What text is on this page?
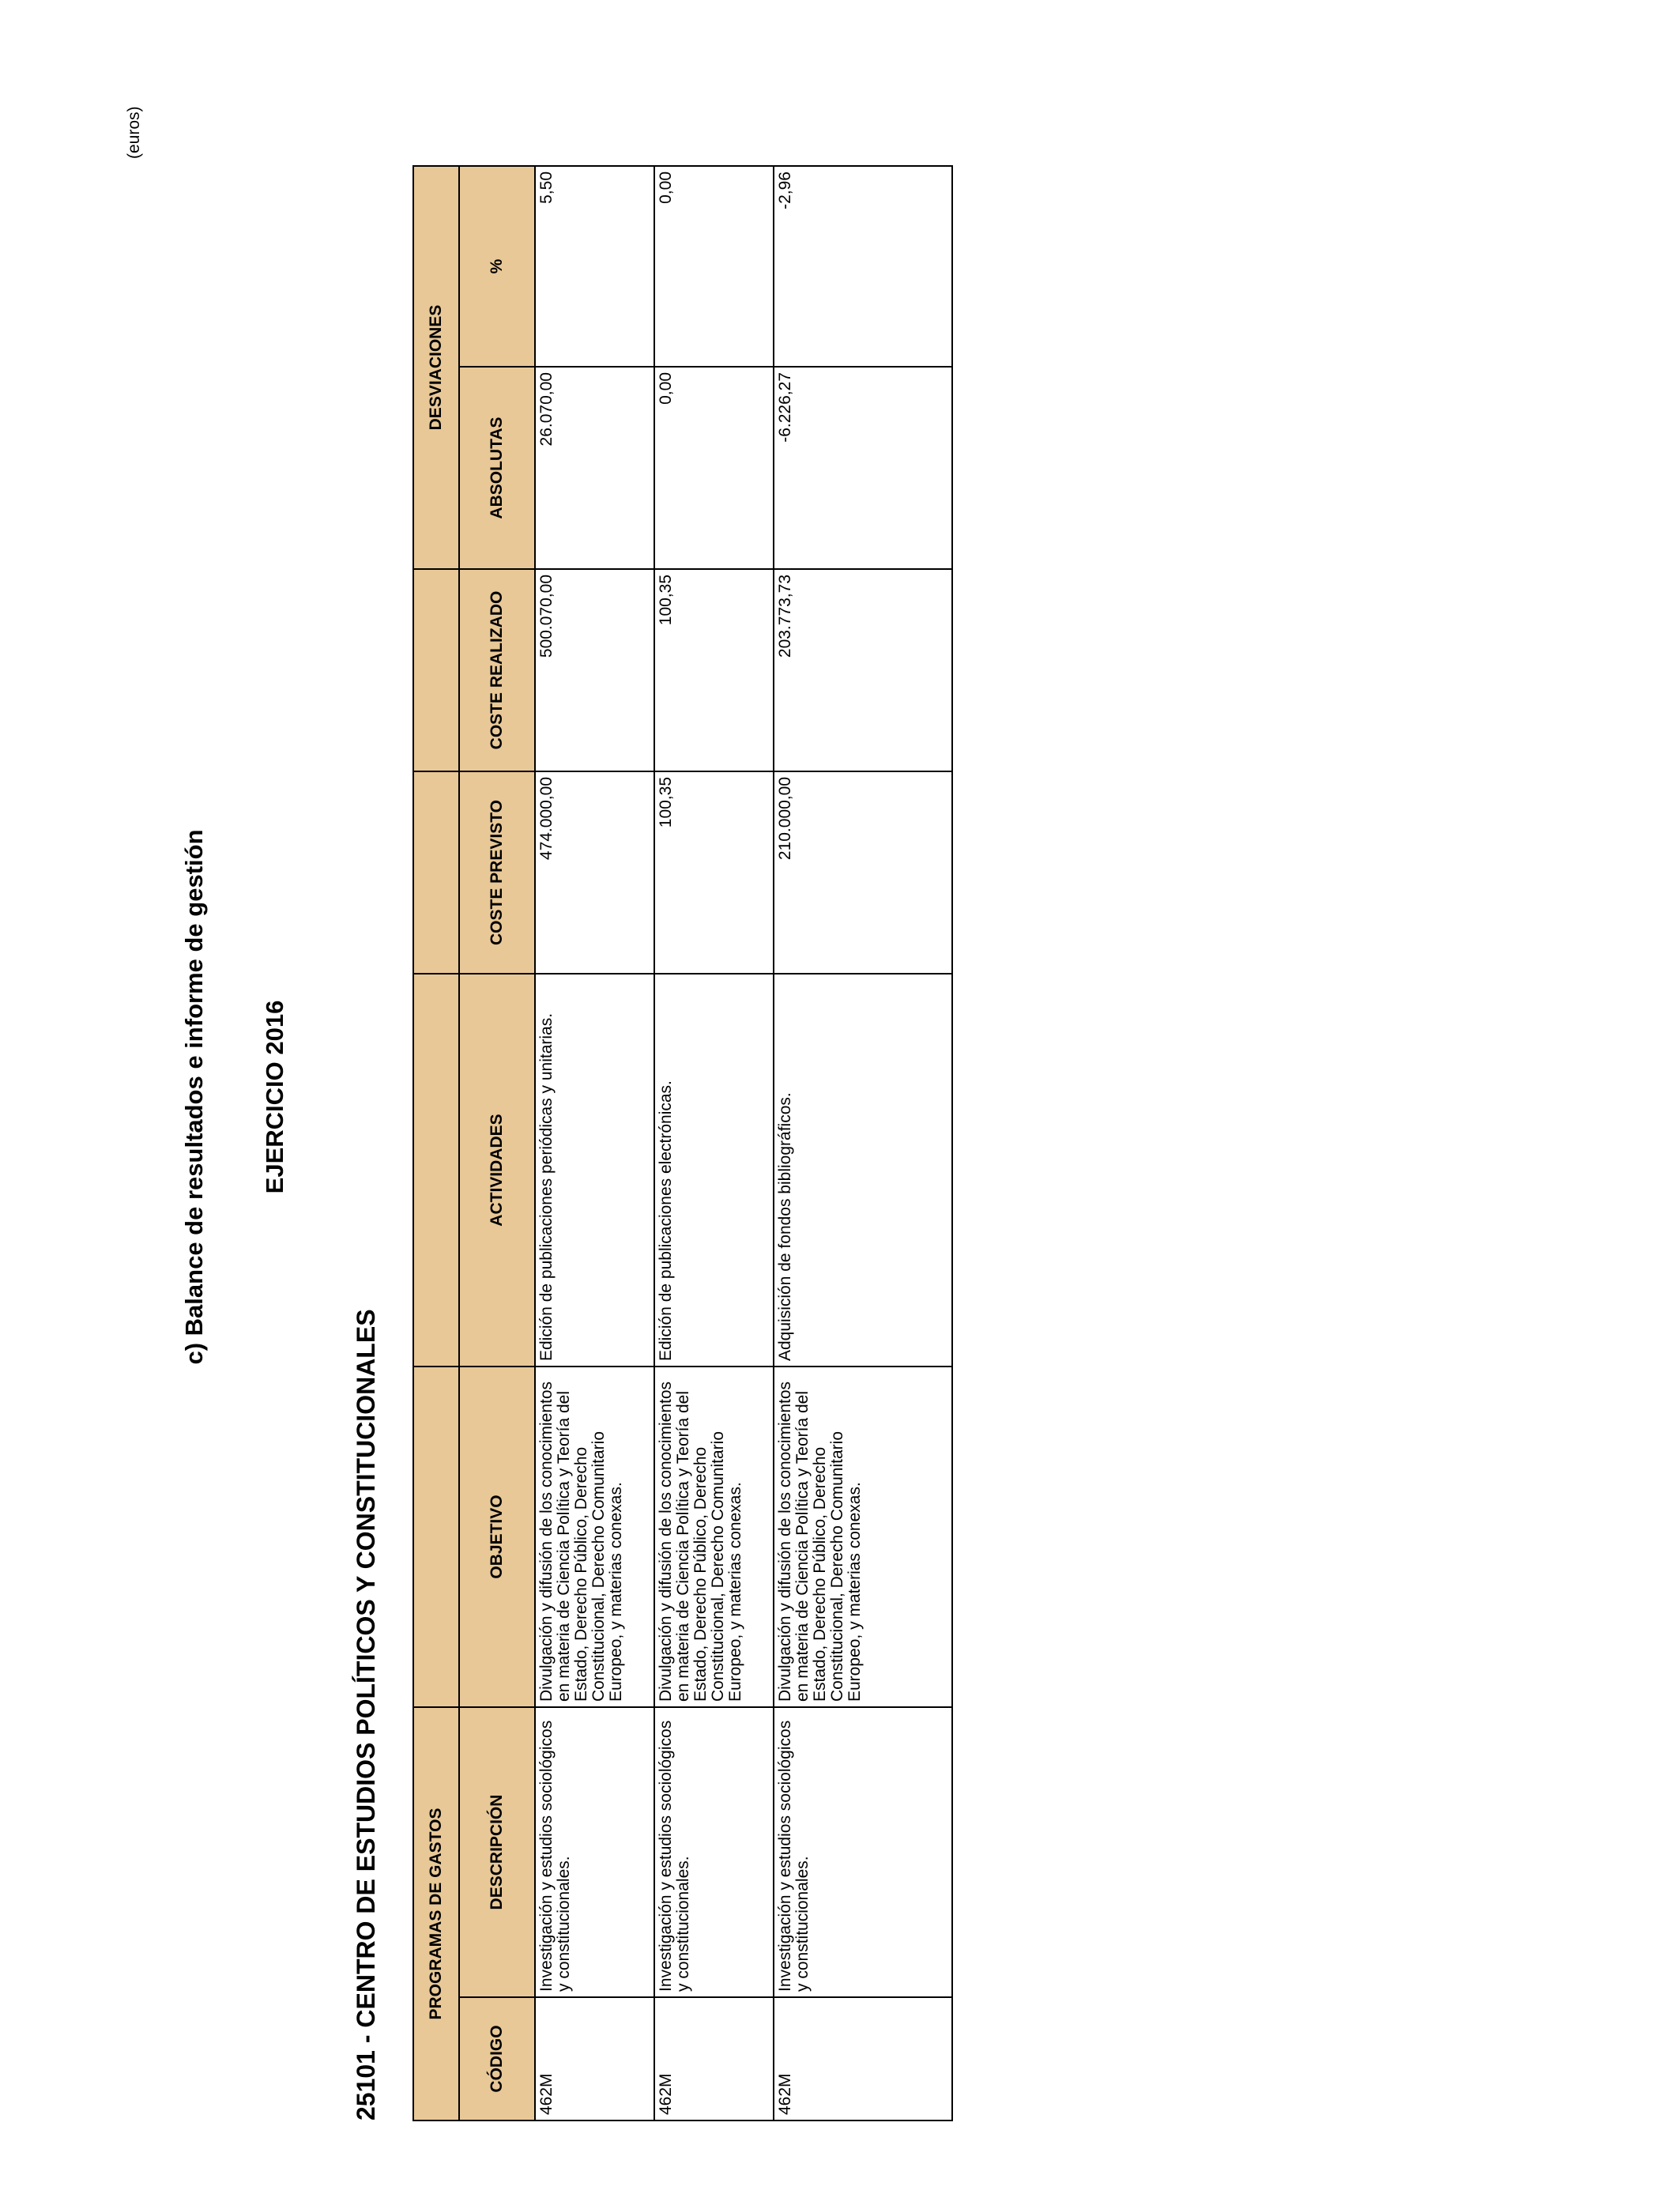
c) Balance de resultados e informe de gestión EJERCICIO 2016
25101 - CENTRO DE ESTUDIOS POLÍTICOS Y CONSTITUCIONALES
(euros)
PROGRAMAS DE GASTOS						DESVIACIONES	
CÓDIGO	DESCRIPCIÓN	OBJETIVO	ACTIVIDADES	COSTE PREVISTO	COSTE REALIZADO	ABSOLUTAS	%
462M	Investigación y estudios sociológicos y constitucionales.	Divulgación y difusión de los conocimientos en materia de Ciencia Política y Teoría del Estado, Derecho Público, Derecho Constitucional, Derecho Comunitario Europeo, y materias conexas.	Edición de publicaciones periódicas y unitarias.	474.000,00	500.070,00	26.070,00	5,50
462M	Investigación y estudios sociológicos y constitucionales.	Divulgación y difusión de los conocimientos en materia de Ciencia Política y Teoría del Estado, Derecho Público, Derecho Constitucional, Derecho Comunitario Europeo, y materias conexas.	Edición de publicaciones electrónicas.	100,35	100,35	0,00	0,00
462M	Investigación y estudios sociológicos y constitucionales.	Divulgación y difusión de los conocimientos en materia de Ciencia Política y Teoría del Estado, Derecho Público, Derecho Constitucional, Derecho Comunitario Europeo, y materias conexas.	Adquisición de fondos bibliográficos.	210.000,00	203.773,73	-6.226,27	-2,96
